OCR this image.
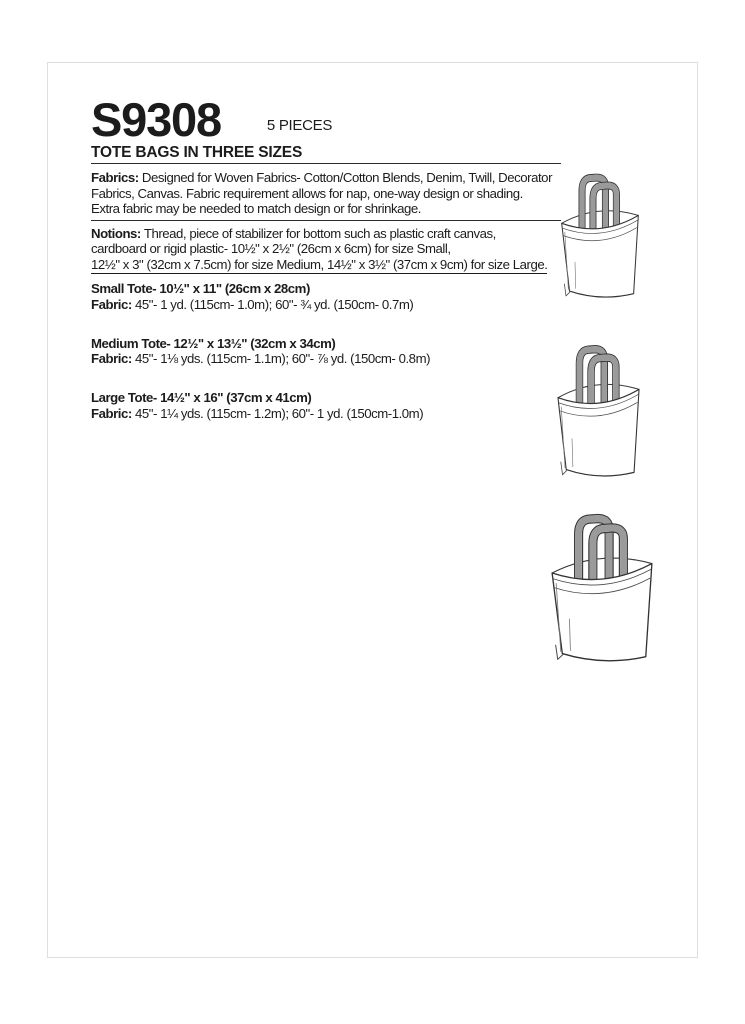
S9308	5 PIECES
TOTE BAGS IN THREE SIZES
Fabrics: Designed for Woven Fabrics- Cotton/Cotton Blends, Denim, Twill, Decorator
Fabrics, Canvas. Fabric requirement allows for nap, one-way design or shading.
Extra fabric may be needed to match design or for shrinkage.
Notions: Thread, piece of stabilizer for bottom such as plastic craft canvas,
cardboard or rigid plastic- 10½" x 2½" (26cm x 6cm) for size Small,
12½" x 3" (32cm x 7.5cm) for size Medium, 14½" x 3½" (37cm x 9cm) for size Large.
Small Tote- 10½" x 11" (26cm x 28cm)
Fabric: 45"- 1 yd. (115cm- 1.0m); 60"- ¾ yd. (150cm- 0.7m)
Medium Tote- 12½" x 13½" (32cm x 34cm)
Fabric: 45"- 1⅛ yds. (115cm- 1.1m); 60"- ⅞ yd. (150cm- 0.8m)
Large Tote- 14½" x 16" (37cm x 41cm)
Fabric: 45"- 1¼ yds. (115cm- 1.2m); 60"- 1 yd. (150cm-1.0m)
